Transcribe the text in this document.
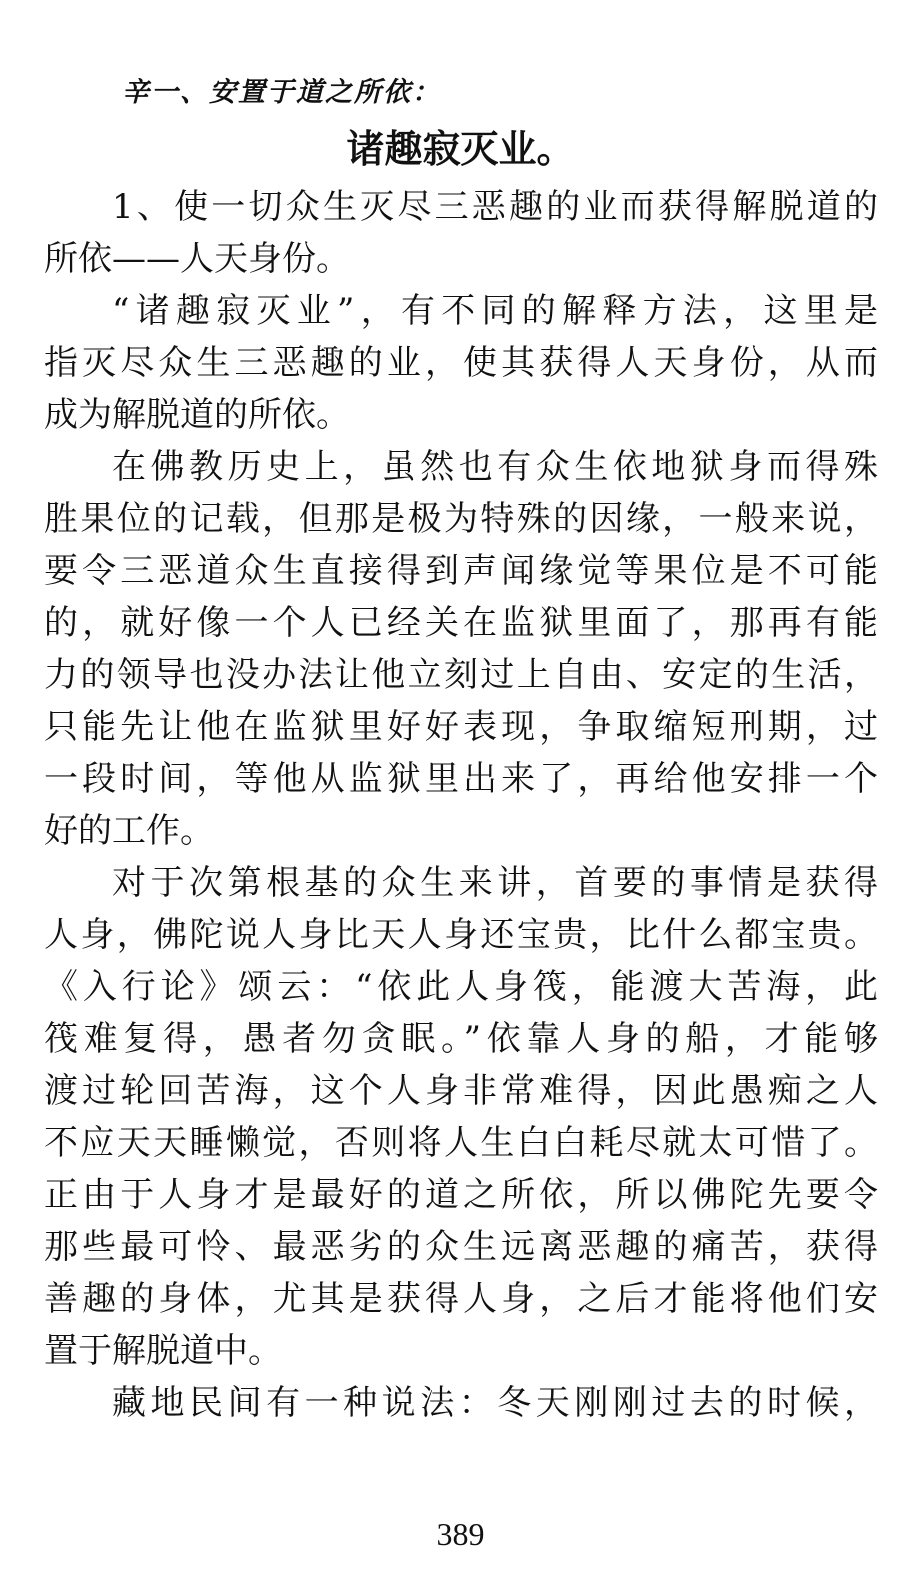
辛一、安置于道之所依：
诸趣寂灭业。
1、使一切众生灭尽三恶趣的业而获得解脱道的
所依——人天身份。
“诸趣寂灭业”，有不同的解释方法，这里是
指灭尽众生三恶趣的业，使其获得人天身份，从而
成为解脱道的所依。
在佛教历史上，虽然也有众生依地狱身而得殊
胜果位的记载，但那是极为特殊的因缘，一般来说，
要令三恶道众生直接得到声闻缘觉等果位是不可能
的，就好像一个人已经关在监狱里面了，那再有能
力的领导也没办法让他立刻过上自由、安定的生活，
只能先让他在监狱里好好表现，争取缩短刑期，过
一段时间，等他从监狱里出来了，再给他安排一个
好的工作。
对于次第根基的众生来讲，首要的事情是获得
人身，佛陀说人身比天人身还宝贵，比什么都宝贵。
《入行论》颂云：“依此人身筏，能渡大苦海，此
筏难复得，愚者勿贪眠。”依靠人身的船，才能够
渡过轮回苦海，这个人身非常难得，因此愚痴之人
不应天天睡懒觉，否则将人生白白耗尽就太可惜了。
正由于人身才是最好的道之所依，所以佛陀先要令
那些最可怜、最恶劣的众生远离恶趣的痛苦，获得
善趣的身体，尤其是获得人身，之后才能将他们安
置于解脱道中。
藏地民间有一种说法：冬天刚刚过去的时候，
389
